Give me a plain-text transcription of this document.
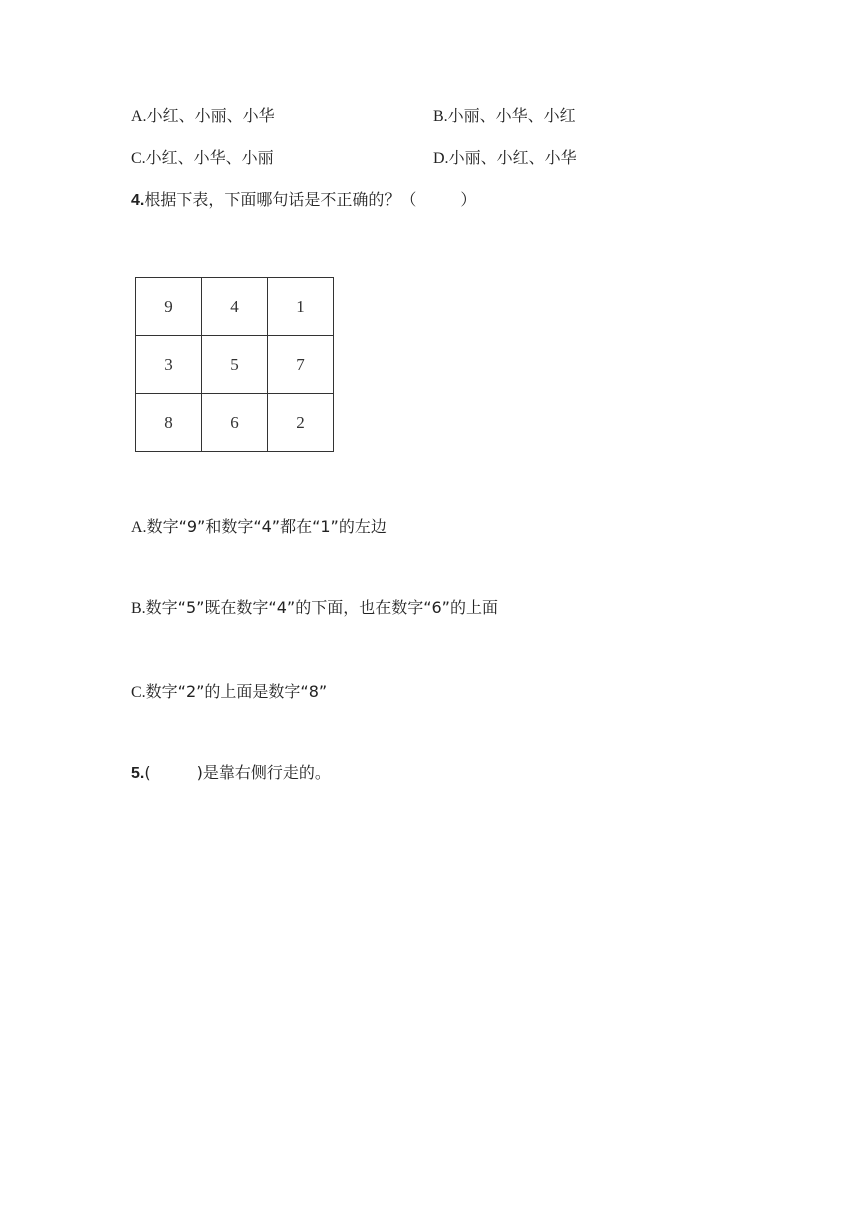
A.小红、小丽、小华	B.小丽、小华、小红
C.小红、小华、小丽	D.小丽、小红、小华
4.根据下表，下面哪句话是不正确的？（	）
9	4	1
3	5	7
8	6	2
A.数字“9”和数字“4”都在“1”的左边
B.数字“5”既在数字“4”的下面，也在数字“6”的上面
C.数字“2”的上面是数字“8”
5.(	)是靠右侧行走的。
